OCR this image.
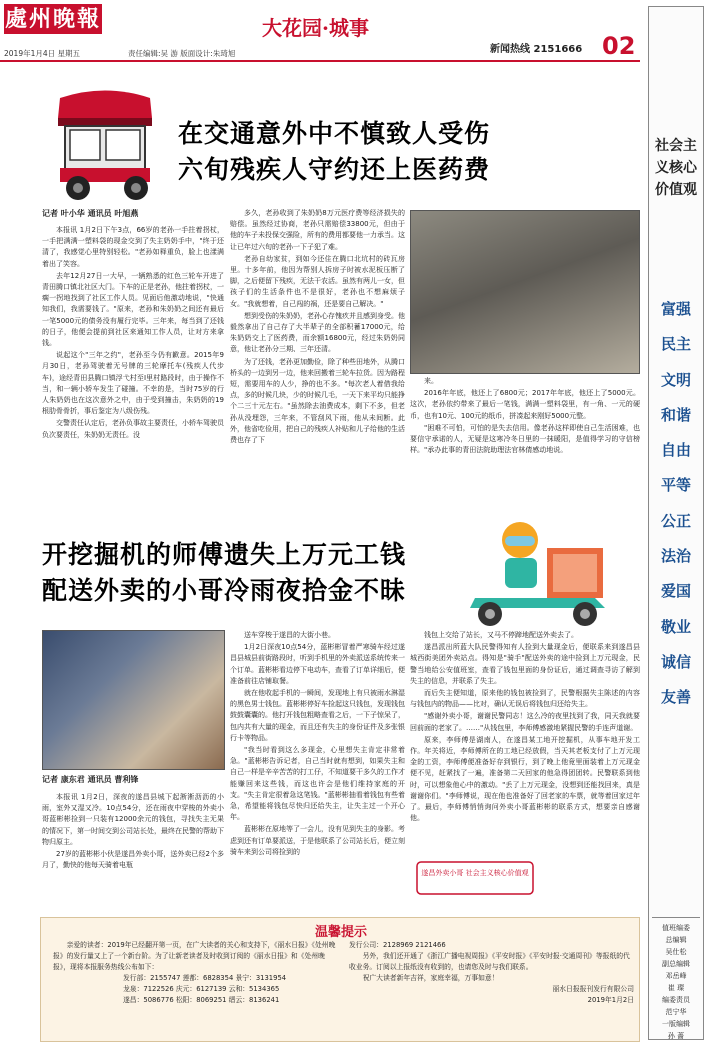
處州晚報	大花园·城事
新闻热线 2151666 02
2019年1月4日 星期五	责任编辑:吴 游 版面设计:朱琦旭
在交通意外中不慎致人受伤
六旬残疾人守约还上医药费
记者 叶小华 通讯员 叶旭燕

本报讯 1月2日下午3点，66岁的老孙一手拄着拐杖，一手把满满一塑料袋的现金交到了失主奶奶手中，"终于还清了，我感觉心里特别轻松。"老孙如释重负，脸上也漾满着出了笑容。

去年12月27日一大早，一辆熟悉的红色三轮车开进了青田腾口镇北社区大门。下车的正是老孙，他拄着拐杖，一瘸一拐地找到了社区工作人员。见面后他激动地说，"快通知我们，我需要钱了。"原来，老孙和朱奶奶之间还有最后一笔5000元的债务没有履行完毕。三年来，每当到了还钱的日子，他便会提前到社区来通知工作人员，让对方来拿钱。

说起这个"三年之约"，老孙至今仍有歉意。2015年9月30日，老孙驾驶着无号牌的三轮摩托车(残疾人代步车)，途经青田县腾口镇浮弋村至I里村路段时，由于操作不当，和一辆小轿车发生了碰撞。不幸的是，当时75岁的行人朱奶奶也在这次意外之中，由于受到撞击，朱奶奶的19根肋骨骨折，事后鉴定为八级伤残。

交警责任认定后，老孙负事故主要责任，小轿车驾驶员负次要责任，朱奶奶无责任。没

多久，老孙收到了朱奶奶8万元医疗费等经济损失的赔偿。虽然经过协商，老孙只需赔偿33800元，但由于他的车子未投保交强险，所有的费用都要他一力承当。这让已年过六旬的老孙一下子犯了难。

老孙自幼家贫，到如今还住在腾口北坑村的砖瓦房里。十多年前，他因为帮别人拆房子时被水泥板压断了脚，之后便留下残疾，无法干农活。虽然有两儿一女，但孩子们的生活条件也不是很好，老孙也不想麻烦子女。"我就想着，自己闯的祸，还是要自己解决。"

想到受伤的朱奶奶，老孙心存愧疚并且感到身受。他毅然拿出了自己存了大半辈子的全部积蓄17000元，给朱奶奶交上了医药费，而余额16800元，经过朱奶奶同意，他让老孙分三期、三年还清。

为了还钱，老孙更加勤俭，除了种些田地外，从腾口桥头的一边到另一边，他来回搬着三轮车拉货。因为路程短，需要用车的人少，挣的也不多。"每次老人着借我给点，多的时候几块，少的时候几毛，一天下来平均只能挣个二三十元左右。"虽然除去油费成本，剩下不多，但老孙从没埋怨，三年来，不管刮风下雨，他从未间断。此外，他省吃俭用，把自己的残疾人补贴和儿子给他的生活费也存了下

来。

2016年年底，他还上了6800元；2017年年底，他还上了5000元。这次，老孙依约带来了最后一笔钱，满满一塑料袋里，有一角、一元的硬币，也有10元、100元的纸币，拼凑起来刚好5000元整。

"困难不可怕，可怕的是失去信用。像老孙这样即使自己生活困难，也要信守承诺的人，无疑是这寒冷冬日里的一抹暖阳，是值得学习的守信榜样。"承办此事的青田法院助理法官林倩感动地说。

开挖掘机的师傅遗失上万元工钱
配送外卖的小哥冷雨夜拾金不昧
记者 康东君 通讯员 曹利锋

本报讯 1月2日，深夜的遂昌县城下起淅淅沥沥的小雨，室外又湿又冷。10点54分，还在雨夜中穿梭的外卖小哥蓝彬彬捡到一只装有12000余元的钱包，寻找失主无果的情况下，第一时间交到公司站长处，最终在民警的帮助下物归原主。

27岁的蓝彬彬小伙是遂昌外卖小哥，送外卖已经2个多月了，勤快的他每天骑着电瓶

送车穿梭于遂昌的大街小巷。

1月2日深夜10点54分，蓝彬彬冒着严寒骑车经过遂昌县城县前街路段时，听到手机里的外卖派送系统传来一个订单。蓝彬彬看边停下电动车，查看了订单详细后，便准备前往店铺取餐。

就在他收起手机的一瞬间，发现地上有只被雨水淋湿的黑色男士钱包。蓝彬彬停好车捡起这只钱包，发现钱包鼓鼓囊囊的。他打开钱包粗略查看之后，一下子惊呆了，包内共有大量的现金，而且还有失主的身份证件及多张银行卡等物品。

"我当时看到这么多现金，心里想失主肯定非常着急。"蓝彬彬告诉记者，自己当时就有想到，如果失主和自己一样是辛辛苦苦的打工仔，不知道要干多久的工作才能赚回来这些钱，而这也许会是他们维持家庭的开支。"失主肯定很着急这笔钱。"蓝彬彬抽看着钱包有些着急，希望能将钱包尽快归还给失主，让失主过一个开心年。

蓝彬彬在原地等了一会儿，没有见到失主的身影。考虑到还有订单要派送，于是他联系了公司站长后，便立刻骑车来到公司将捡到的

钱包上交给了站长，又马不停蹄地配送外卖去了。

遂昌派出所蓝大队民警得知有人捡到大量现金后，便联系来到遂昌县城西街美团外卖站点。得知是"骑手"配送外卖的途中捡到上万元现金，民警当地给公安值班室，查看了钱包里面的身份证后，通过调查寻访了解到失主的信息，并联系了失主。

而后失主便知道，原来他的钱包被捡到了，民警根据失主陈述的内容与钱包内的物品——比对，确认无误后将钱包归还给失主。

"感谢外卖小哥，谢谢民警同志！这么冷的夜里找到了我，同天我就要回前面的老家了。……"从钱包里，李师傅感激地紧握民警的手连声道谢。

原来，李师傅是湖南人，在遂昌某工地开挖掘机，从事车地开发工作。年关将近，李师傅所在的工地已经放假，当天其老板支付了上万元现金的工资，李师傅便准备好存到银行，到了晚上他竟里面装着上万元现金便不见，赶紧找了一遍，准备第二天回家的他急得团团转。民警联系到他时，可以想象他心中的激动。"丢了上万元现金，没想到还能找回来，真是谢谢你们。"李师傅说，现在他也准备好了回老家的车票，就等着回家过年了。最后，李师傅悄悄询问外卖小哥蓝彬彬的联系方式，想要亲自感谢他。

遂昌外卖小哥 社会主义核心价值观
温馨提示

亲爱的读者：2019年已经翻开第一页，在广大读者的关心和支持下，《丽水日报》《处州晚报》的发行量又上了一个新台阶。为了让新老读者及时收到订阅的《丽水日报》和《处州晚报》，现将本报服务热线公布如下：

发行部：2155747 莲都：6828354 景宁：3131954
龙泉：7122526 庆元：6127139 云和：5134365
遂昌：5086776 松阳：8069251 缙云：8136241
发行公司：2128969 2121466

另外，我们还开通了《浙江广播电视周报》《平安时报》《平安时报·交通周刊》等报纸的代收业务。订阅以上报纸没有收到的，也请您及时与我们联系。

祝广大读者新年吉祥，家庭幸福，万事如意！

丽水日报报刊发行有限公司
2019年1月2日
社会主义核心价值观
富强
民主
文明
和谐
自由
平等
公正
法治
爱国
敬业
诚信
友善
值班编委
总编辑
吴仕松
副总编辑
邓岳峰
崔 璨
编委责员
范宁华
一版编辑
孙 蔷
